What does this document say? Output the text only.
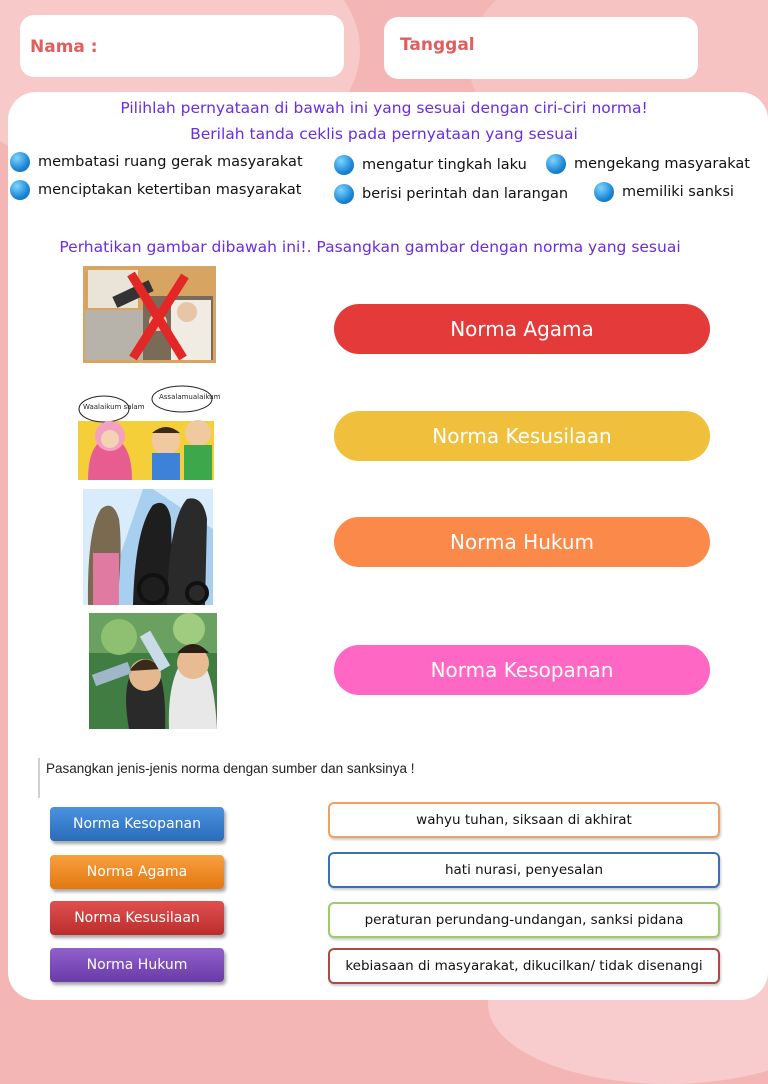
Nama :	Tanggal
Pilihlah pernyataan di bawah ini yang sesuai dengan ciri-ciri norma!
Berilah tanda ceklis pada pernyataan yang sesuai
membatasi ruang gerak masyarakat	mengatur tingkah laku	mengekang masyarakat
menciptakan ketertiban masyarakat	berisi perintah dan larangan	memiliki sanksi
Perhatikan gambar dibawah ini!. Pasangkan gambar dengan norma yang sesuai
Waalaikum salam
Assalamualaikum
Norma Agama
Norma Kesusilaan
Norma Hukum
Norma Kesopanan
Pasangkan jenis-jenis norma dengan sumber dan sanksinya !
Norma Kesopanan
Norma Agama
Norma Kesusilaan
Norma Hukum
wahyu tuhan, siksaan di akhirat
hati nurasi, penyesalan
peraturan perundang-undangan, sanksi pidana
kebiasaan di masyarakat, dikucilkan/ tidak disenangi
